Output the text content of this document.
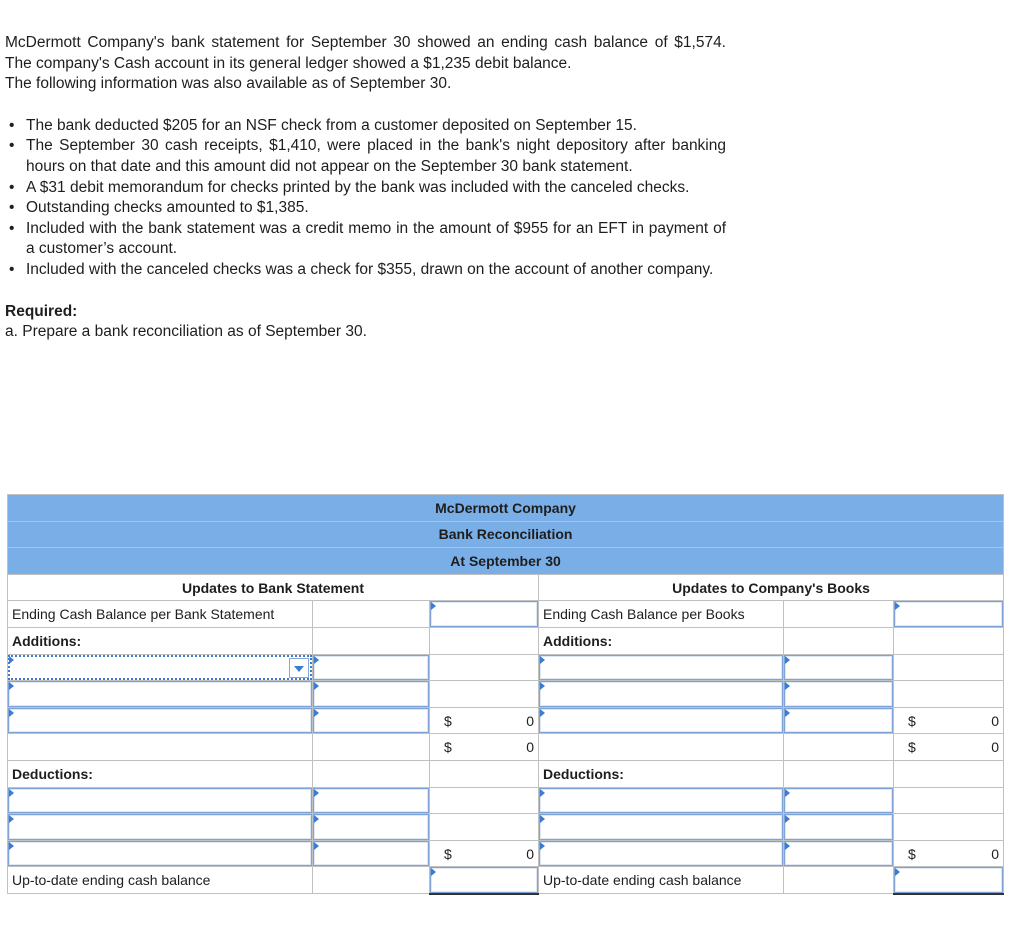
McDermott Company's bank statement for September 30 showed an ending cash balance of $1,574. The company's Cash account in its general ledger showed a $1,235 debit balance.

The following information was also available as of September 30.

• The bank deducted $205 for an NSF check from a customer deposited on September 15.
• The September 30 cash receipts, $1,410, were placed in the bank's night depository after banking hours on that date and this amount did not appear on the September 30 bank statement.
• A $31 debit memorandum for checks printed by the bank was included with the canceled checks.
• Outstanding checks amounted to $1,385.
• Included with the bank statement was a credit memo in the amount of $955 for an EFT in payment of a customer’s account.
• Included with the canceled checks was a check for $355, drawn on the account of another company.

Required:

a. Prepare a bank reconciliation as of September 30.

McDermott Company					
Bank Reconciliation					
At September 30					
Updates to Bank Statement			Updates to Company's Books		
Ending Cash Balance per Bank Statement			Ending Cash Balance per Books		

Additions:			Additions:		

		$ 0			$ 0

		$ 0			$ 0
Deductions:			Deductions:		

		$ 0			$ 0
Up-to-date ending cash balance			Up-to-date ending cash balance		
